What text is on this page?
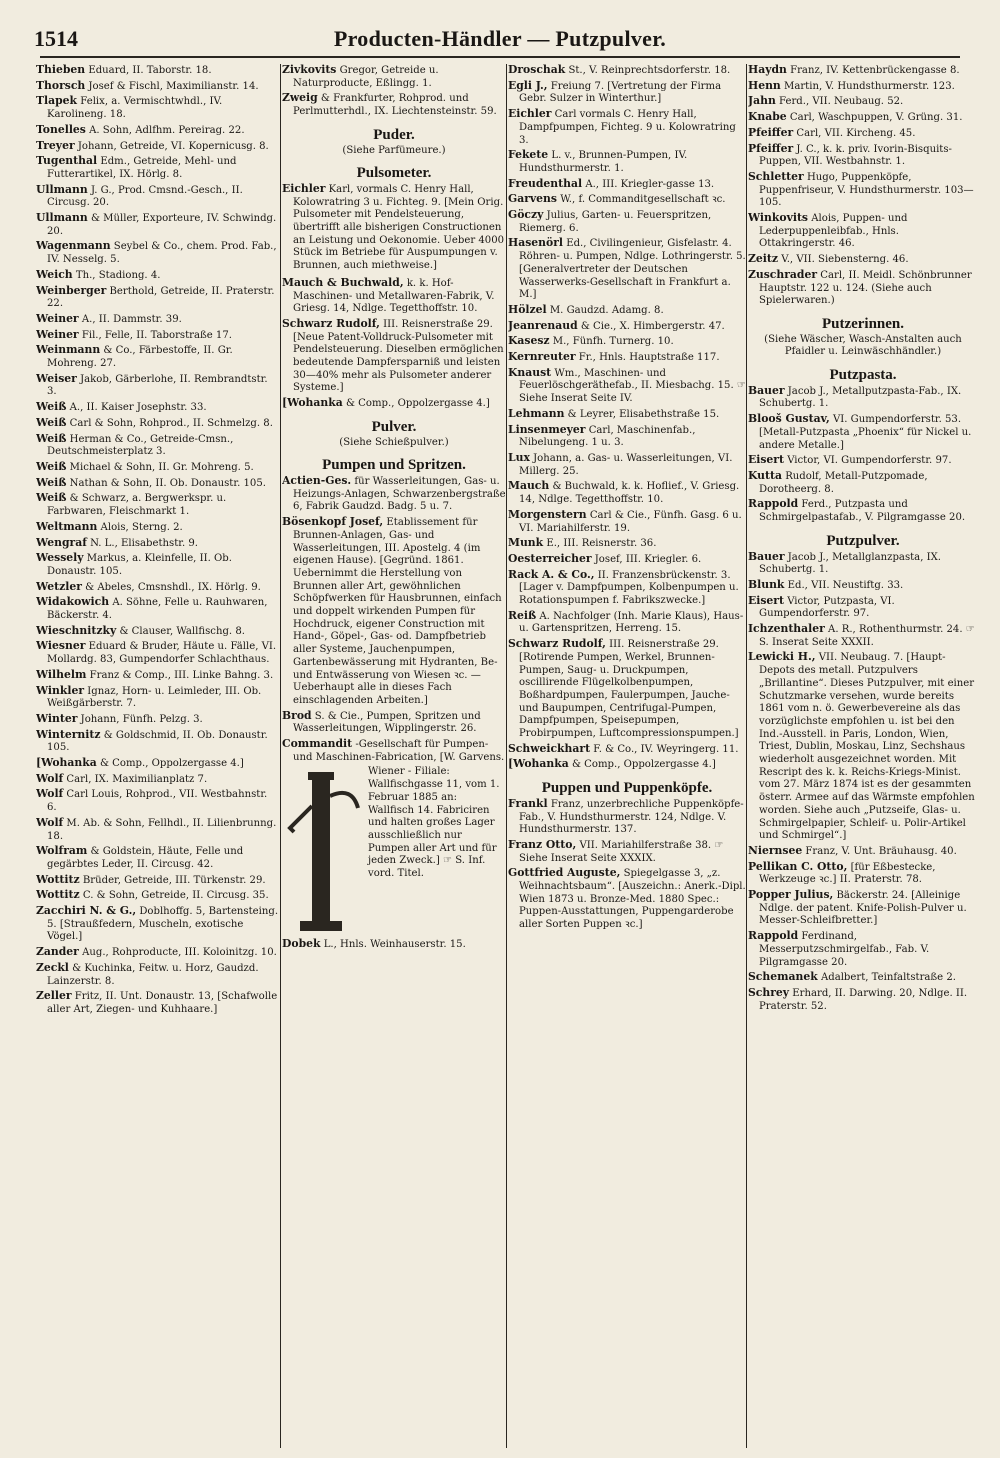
1514	Producten-Händler — Putzpulver.
Thieben Eduard, II. Taborstr. 18.
Thorsch Josef & Fischl, Maximilianstr. 14.
Tlapek Felix, a. Vermischtwhdl., IV. Karolineng. 18.
Tonelles A. Sohn, Adlfhm. Pereirag. 22.
Treyer Johann, Getreide, VI. Kopernicusg. 8.
Tugenthal Edm., Getreide, Mehl- und Futterartikel, IX. Hörlg. 8.
Ullmann J. G., Prod. Cmsnd.-Gesch., II. Circusg. 20.
Ullmann & Müller, Exporteure, IV. Schwindg. 20.
Wagenmann Seybel & Co., chem. Prod. Fab., IV. Nesselg. 5.
Weich Th., Stadiong. 4.
Weinberger Berthold, Getreide, II. Praterstr. 22.
Weiner A., II. Dammstr. 39.
Weiner Fil., Felle, II. Taborstraße 17.
Weinmann & Co., Färbestoffe, II. Gr. Mohreng. 27.
Weiser Jakob, Gärberlohe, II. Rembrandtstr. 3.
Weiß A., II. Kaiser Josephstr. 33.
Weiß Carl & Sohn, Rohprod., II. Schmelzg. 8.
Weiß Herman & Co., Getreide-Cmsn., Deutschmeisterplatz 3.
Weiß Michael & Sohn, II. Gr. Mohreng. 5.
Weiß Nathan & Sohn, II. Ob. Donaustr. 105.
Weiß & Schwarz, a. Bergwerkspr. u. Farbwaren, Fleischmarkt 1.
Weltmann Alois, Sterng. 2.
Wengraf N. L., Elisabethstr. 9.
Wessely Markus, a. Kleinfelle, II. Ob. Donaustr. 105.
Wetzler & Abeles, Cmsnshdl., IX. Hörlg. 9.
Widakowich A. Söhne, Felle u. Rauhwaren, Bäckerstr. 4.
Wieschnitzky & Clauser, Wallfischg. 8.
Wiesner Eduard & Bruder, Häute u. Fälle, VI. Mollardg. 83, Gumpendorfer Schlachthaus.
Wilhelm Franz & Comp., III. Linke Bahng. 3.
Winkler Ignaz, Horn- u. Leimleder, III. Ob. Weißgärberstr. 7.
Winter Johann, Fünfh. Pelzg. 3.
Winternitz & Goldschmid, II. Ob. Donaustr. 105.
[Wohanka & Comp., Oppolzergasse 4.]
Wolf Carl, IX. Maximilianplatz 7.
Wolf Carl Louis, Rohprod., VII. Westbahnstr. 6.
Wolf M. Ab. & Sohn, Fellhdl., II. Lilienbrunng. 18.
Wolfram & Goldstein, Häute, Felle und gegärbtes Leder, II. Circusg. 42.
Wottitz Brüder, Getreide, III. Türkenstr. 29.
Wottitz C. & Sohn, Getreide, II. Circusg. 35.
Zacchiri N. & G., Doblhoffg. 5, Bartensteing. 5. [Straußfedern, Muscheln, exotische Vögel.]
Zander Aug., Rohproducte, III. Koloinitzg. 10.
Zeckl & Kuchinka, Feitw. u. Horz, Gaudzd. Lainzerstr. 8.
Zeller Fritz, II. Unt. Donaustr. 13, [Schafwolle aller Art, Ziegen- und Kuhhaare.]
Zivkovits Gregor, Getreide u. Naturproducte, Eßlingg. 1.
Zweig & Frankfurter, Rohprod. und Perlmutterhdl., IX. Liechtensteinstr. 59.
Puder.
(Siehe Parfümeure.)
Pulsometer.
Eichler Karl, vormals C. Henry Hall, Kolowratring 3 u. Fichteg. 9. [Mein Orig. Pulsometer mit Pendelsteuerung, übertrifft alle bisherigen Constructionen an Leistung und Oekonomie. Ueber 4000 Stück im Betriebe für Auspumpungen v. Brunnen, auch miethweise.]
Mauch & Buchwald, k. k. Hof-Maschinen- und Metallwaren-Fabrik, V. Griesg. 14, Ndlge. Tegetthoffstr. 10.
Schwarz Rudolf, III. Reisnerstraße 29. [Neue Patent-Volldruck-Pulsometer mit Pendelsteuerung. Dieselben ermöglichen bedeutende Dampfersparniß und leisten 30—40% mehr als Pulsometer anderer Systeme.]
[Wohanka & Comp., Oppolzergasse 4.]
Pulver.
(Siehe Schießpulver.)
Pumpen und Spritzen.
Actien-Ges. für Wasserleitungen, Gas- u. Heizungs-Anlagen, Schwarzenbergstraße 6, Fabrik Gaudzd. Badg. 5 u. 7.
Bösenkopf Josef, Etablissement für Brunnen-Anlagen, Gas- und Wasserleitungen, III. Apostelg. 4 (im eigenen Hause). [Gegründ. 1861. Uebernimmt die Herstellung von Brunnen aller Art, gewöhnlichen Schöpfwerken für Hausbrunnen, einfach und doppelt wirkenden Pumpen für Hochdruck, eigener Construction mit Hand-, Göpel-, Gas- od. Dampfbetrieb aller Systeme, Jauchenpumpen, Gartenbewässerung mit Hydranten, Be- und Entwässerung von Wiesen ꝛc. — Ueberhaupt alle in dieses Fach einschlagenden Arbeiten.]
Brod S. & Cie., Pumpen, Spritzen und Wasserleitungen, Wipplingerstr. 26.
Commandit -Gesellschaft für Pumpen- und Maschinen-Fabrication, [W. Garvens.
Wiener - Filiale: Wallfischgasse 11, vom 1. Februar 1885 an: Wallfisch 14. Fabriciren und halten großes Lager ausschließlich nur Pumpen aller Art und für jeden Zweck.] ☞ S. Inf. vord. Titel.
Dobek L., Hnls. Weinhauserstr. 15.
Droschak St., V. Reinprechtsdorferstr. 18.
Egli J., Freiung 7. [Vertretung der Firma Gebr. Sulzer in Winterthur.]
Eichler Carl vormals C. Henry Hall, Dampfpumpen, Fichteg. 9 u. Kolowratring 3.
Fekete L. v., Brunnen-Pumpen, IV. Hundsthurmerstr. 1.
Freudenthal A., III. Kriegler-gasse 13.
Garvens W., f. Commanditgesellschaft ꝛc.
Göczy Julius, Garten- u. Feuerspritzen, Riemerg. 6.
Hasenörl Ed., Civilingenieur, Gisfelastr. 4. Röhren- u. Pumpen, Ndlge. Lothringerstr. 5. [Generalvertreter der Deutschen Wasserwerks-Gesellschaft in Frankfurt a. M.]
Hölzel M. Gaudzd. Adamg. 8.
Jeanrenaud & Cie., X. Himbergerstr. 47.
Kasesz M., Fünfh. Turnerg. 10.
Kernreuter Fr., Hnls. Hauptstraße 117.
Knaust Wm., Maschinen- und Feuerlöschgeräthefab., II. Miesbachg. 15. ☞ Siehe Inserat Seite IV.
Lehmann & Leyrer, Elisabethstraße 15.
Linsenmeyer Carl, Maschinenfab., Nibelungeng. 1 u. 3.
Lux Johann, a. Gas- u. Wasserleitungen, VI. Millerg. 25.
Mauch & Buchwald, k. k. Hoflief., V. Griesg. 14, Ndlge. Tegetthoffstr. 10.
Morgenstern Carl & Cie., Fünfh. Gasg. 6 u. VI. Mariahilferstr. 19.
Munk E., III. Reisnerstr. 36.
Oesterreicher Josef, III. Kriegler. 6.
Rack A. & Co., II. Franzensbrückenstr. 3. [Lager v. Dampfpumpen, Kolbenpumpen u. Rotationspumpen f. Fabrikszwecke.]
Reiß A. Nachfolger (Inh. Marie Klaus), Haus- u. Gartenspritzen, Herreng. 15.
Schwarz Rudolf, III. Reisnerstraße 29. [Rotirende Pumpen, Werkel, Brunnen-Pumpen, Saug- u. Druckpumpen, oscillirende Flügelkolbenpumpen, Boßhardpumpen, Faulerpumpen, Jauche- und Baupumpen, Centrifugal-Pumpen, Dampfpumpen, Speisepumpen, Probirpumpen, Luftcompressionspumpen.]
Schweickhart F. & Co., IV. Weyringerg. 11.
[Wohanka & Comp., Oppolzergasse 4.]
Puppen und Puppenköpfe.
Frankl Franz, unzerbrechliche Puppenköpfe-Fab., V. Hundsthurmerstr. 124, Ndlge. V. Hundsthurmerstr. 137.
Franz Otto, VII. Mariahilferstraße 38. ☞ Siehe Inserat Seite XXXIX.
Gottfried Auguste, Spiegelgasse 3, „z. Weihnachtsbaum“. [Auszeichn.: Anerk.-Dipl. Wien 1873 u. Bronze-Med. 1880 Spec.: Puppen-Ausstattungen, Puppengarderobe aller Sorten Puppen ꝛc.]
Haydn Franz, IV. Kettenbrückengasse 8.
Henn Martin, V. Hundsthurmerstr. 123.
Jahn Ferd., VII. Neubaug. 52.
Knabe Carl, Waschpuppen, V. Grüng. 31.
Pfeiffer Carl, VII. Kircheng. 45.
Pfeiffer J. C., k. k. priv. Ivorin-Bisquits-Puppen, VII. Westbahnstr. 1.
Schletter Hugo, Puppenköpfe, Puppenfriseur, V. Hundsthurmerstr. 103—105.
Winkovits Alois, Puppen- und Lederpuppenleibfab., Hnls. Ottakringerstr. 46.
Zeitz V., VII. Siebensterng. 46.
Zuschrader Carl, II. Meidl. Schönbrunner Hauptstr. 122 u. 124. (Siehe auch Spielerwaren.)
Putzerinnen.
(Siehe Wäscher, Wasch-Anstalten auch Pfaidler u. Leinwäschhändler.)
Putzpasta.
Bauer Jacob J., Metallputzpasta-Fab., IX. Schubertg. 1.
Blooš Gustav, VI. Gumpendorferstr. 53. [Metall-Putzpasta „Phoenix“ für Nickel u. andere Metalle.]
Eisert Victor, VI. Gumpendorferstr. 97.
Kutta Rudolf, Metall-Putzpomade, Dorotheerg. 8.
Rappold Ferd., Putzpasta und Schmirgelpastafab., V. Pilgramgasse 20.
Putzpulver.
Bauer Jacob J., Metallglanzpasta, IX. Schubertg. 1.
Blunk Ed., VII. Neustiftg. 33.
Eisert Victor, Putzpasta, VI. Gumpendorferstr. 97.
Ichzenthaler A. R., Rothenthurmstr. 24. ☞ S. Inserat Seite XXXII.
Lewicki H., VII. Neubaug. 7. [Haupt-Depots des metall. Putzpulvers „Brillantine“. Dieses Putzpulver, mit einer Schutzmarke versehen, wurde bereits 1861 vom n. ö. Gewerbevereine als das vorzüglichste empfohlen u. ist bei den Ind.-Ausstell. in Paris, London, Wien, Triest, Dublin, Moskau, Linz, Sechshaus wiederholt ausgezeichnet worden. Mit Rescript des k. k. Reichs-Kriegs-Minist. vom 27. März 1874 ist es der gesammten österr. Armee auf das Wärmste empfohlen worden. Siehe auch „Putzseife, Glas- u. Schmirgelpapier, Schleif- u. Polir-Artikel und Schmirgel“.]
Niernsee Franz, V. Unt. Bräuhausg. 40.
Pellikan C. Otto, [für Eßbestecke, Werkzeuge ꝛc.] II. Praterstr. 78.
Popper Julius, Bäckerstr. 24. [Alleinige Ndlge. der patent. Knife-Polish-Pulver u. Messer-Schleifbretter.]
Rappold Ferdinand, Messerputzschmirgelfab., Fab. V. Pilgramgasse 20.
Schemanek Adalbert, Teinfaltstraße 2.
Schrey Erhard, II. Darwing. 20, Ndlge. II. Praterstr. 52.
